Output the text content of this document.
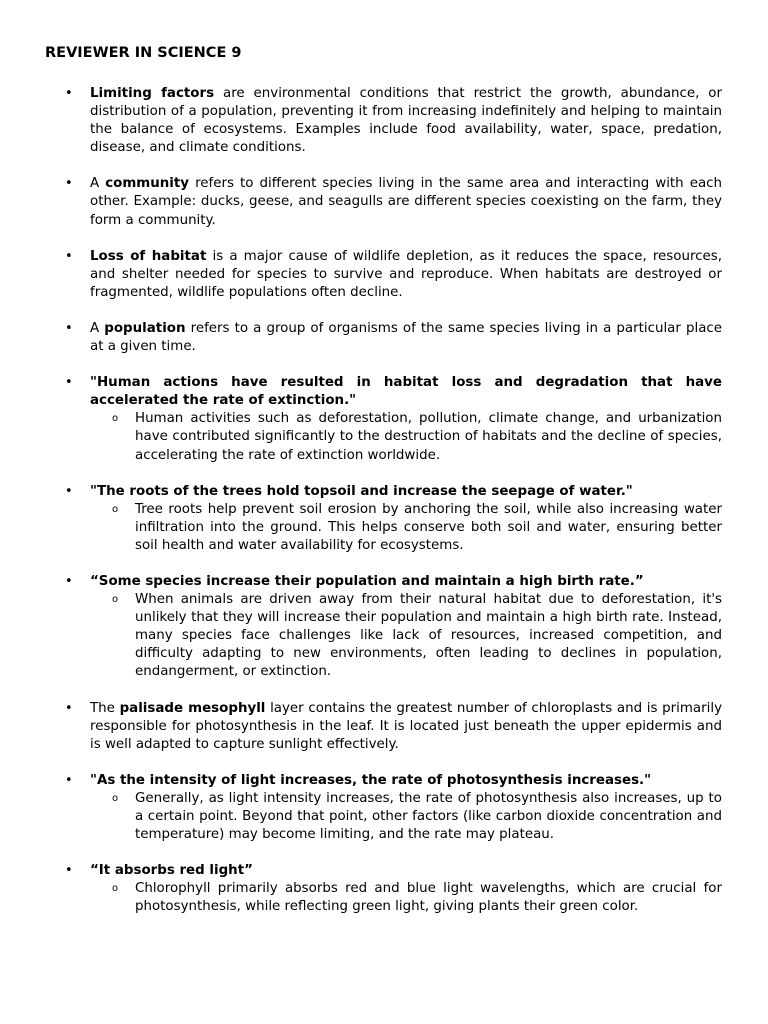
REVIEWER IN SCIENCE 9
• Limiting factors are environmental conditions that restrict the growth, abundance, or distribution of a population, preventing it from increasing indefinitely and helping to maintain the balance of ecosystems. Examples include food availability, water, space, predation, disease, and climate conditions.
• A community refers to different species living in the same area and interacting with each other. Example: ducks, geese, and seagulls are different species coexisting on the farm, they form a community.
• Loss of habitat is a major cause of wildlife depletion, as it reduces the space, resources, and shelter needed for species to survive and reproduce. When habitats are destroyed or fragmented, wildlife populations often decline.
• A population refers to a group of organisms of the same species living in a particular place at a given time.
• "Human actions have resulted in habitat loss and degradation that have accelerated the rate of extinction."
o Human activities such as deforestation, pollution, climate change, and urbanization have contributed significantly to the destruction of habitats and the decline of species, accelerating the rate of extinction worldwide.
• "The roots of the trees hold topsoil and increase the seepage of water."
o Tree roots help prevent soil erosion by anchoring the soil, while also increasing water infiltration into the ground. This helps conserve both soil and water, ensuring better soil health and water availability for ecosystems.
• “Some species increase their population and maintain a high birth rate.”
o When animals are driven away from their natural habitat due to deforestation, it's unlikely that they will increase their population and maintain a high birth rate. Instead, many species face challenges like lack of resources, increased competition, and difficulty adapting to new environments, often leading to declines in population, endangerment, or extinction.
• The palisade mesophyll layer contains the greatest number of chloroplasts and is primarily responsible for photosynthesis in the leaf. It is located just beneath the upper epidermis and is well adapted to capture sunlight effectively.
• "As the intensity of light increases, the rate of photosynthesis increases."
o Generally, as light intensity increases, the rate of photosynthesis also increases, up to a certain point. Beyond that point, other factors (like carbon dioxide concentration and temperature) may become limiting, and the rate may plateau.
• “It absorbs red light”
o Chlorophyll primarily absorbs red and blue light wavelengths, which are crucial for photosynthesis, while reflecting green light, giving plants their green color.
